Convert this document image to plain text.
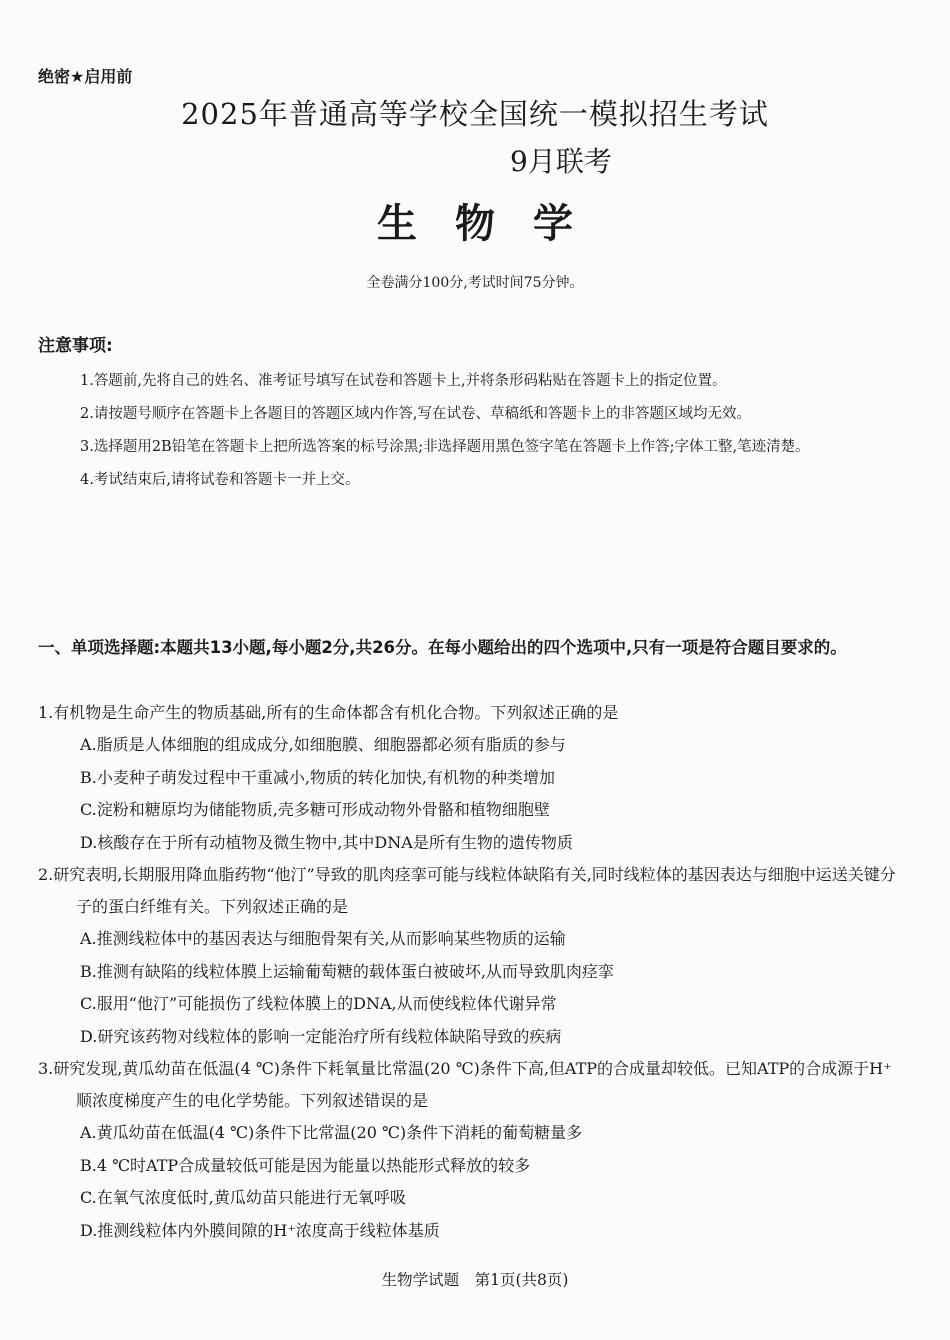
绝密★启用前
2025年普通高等学校全国统一模拟招生考试
9月联考
生物学
全卷满分100分,考试时间75分钟。
注意事项:
1.答题前,先将自己的姓名、准考证号填写在试卷和答题卡上,并将条形码粘贴在答题卡上的指定位置。
2.请按题号顺序在答题卡上各题目的答题区域内作答,写在试卷、草稿纸和答题卡上的非答题区域均无效。
3.选择题用2B铅笔在答题卡上把所选答案的标号涂黑;非选择题用黑色签字笔在答题卡上作答;字体工整,笔迹清楚。
4.考试结束后,请将试卷和答题卡一并上交。
一、单项选择题:本题共13小题,每小题2分,共26分。在每小题给出的四个选项中,只有一项是符合题目要求的。
1.有机物是生命产生的物质基础,所有的生命体都含有机化合物。下列叙述正确的是
A.脂质是人体细胞的组成成分,如细胞膜、细胞器都必须有脂质的参与
B.小麦种子萌发过程中干重减小,物质的转化加快,有机物的种类增加
C.淀粉和糖原均为储能物质,壳多糖可形成动物外骨骼和植物细胞壁
D.核酸存在于所有动植物及微生物中,其中DNA是所有生物的遗传物质
2.研究表明,长期服用降血脂药物“他汀”导致的肌肉痉挛可能与线粒体缺陷有关,同时线粒体的基因表达与细胞中运送关键分子的蛋白纤维有关。下列叙述正确的是
A.推测线粒体中的基因表达与细胞骨架有关,从而影响某些物质的运输
B.推测有缺陷的线粒体膜上运输葡萄糖的载体蛋白被破坏,从而导致肌肉痉挛
C.服用“他汀”可能损伤了线粒体膜上的DNA,从而使线粒体代谢异常
D.研究该药物对线粒体的影响一定能治疗所有线粒体缺陷导致的疾病
3.研究发现,黄瓜幼苗在低温(4 ℃)条件下耗氧量比常温(20 ℃)条件下高,但ATP的合成量却较低。已知ATP的合成源于H⁺顺浓度梯度产生的电化学势能。下列叙述错误的是
A.黄瓜幼苗在低温(4 ℃)条件下比常温(20 ℃)条件下消耗的葡萄糖量多
B.4 ℃时ATP合成量较低可能是因为能量以热能形式释放的较多
C.在氧气浓度低时,黄瓜幼苗只能进行无氧呼吸
D.推测线粒体内外膜间隙的H⁺浓度高于线粒体基质
生物学试题　第1页(共8页)
